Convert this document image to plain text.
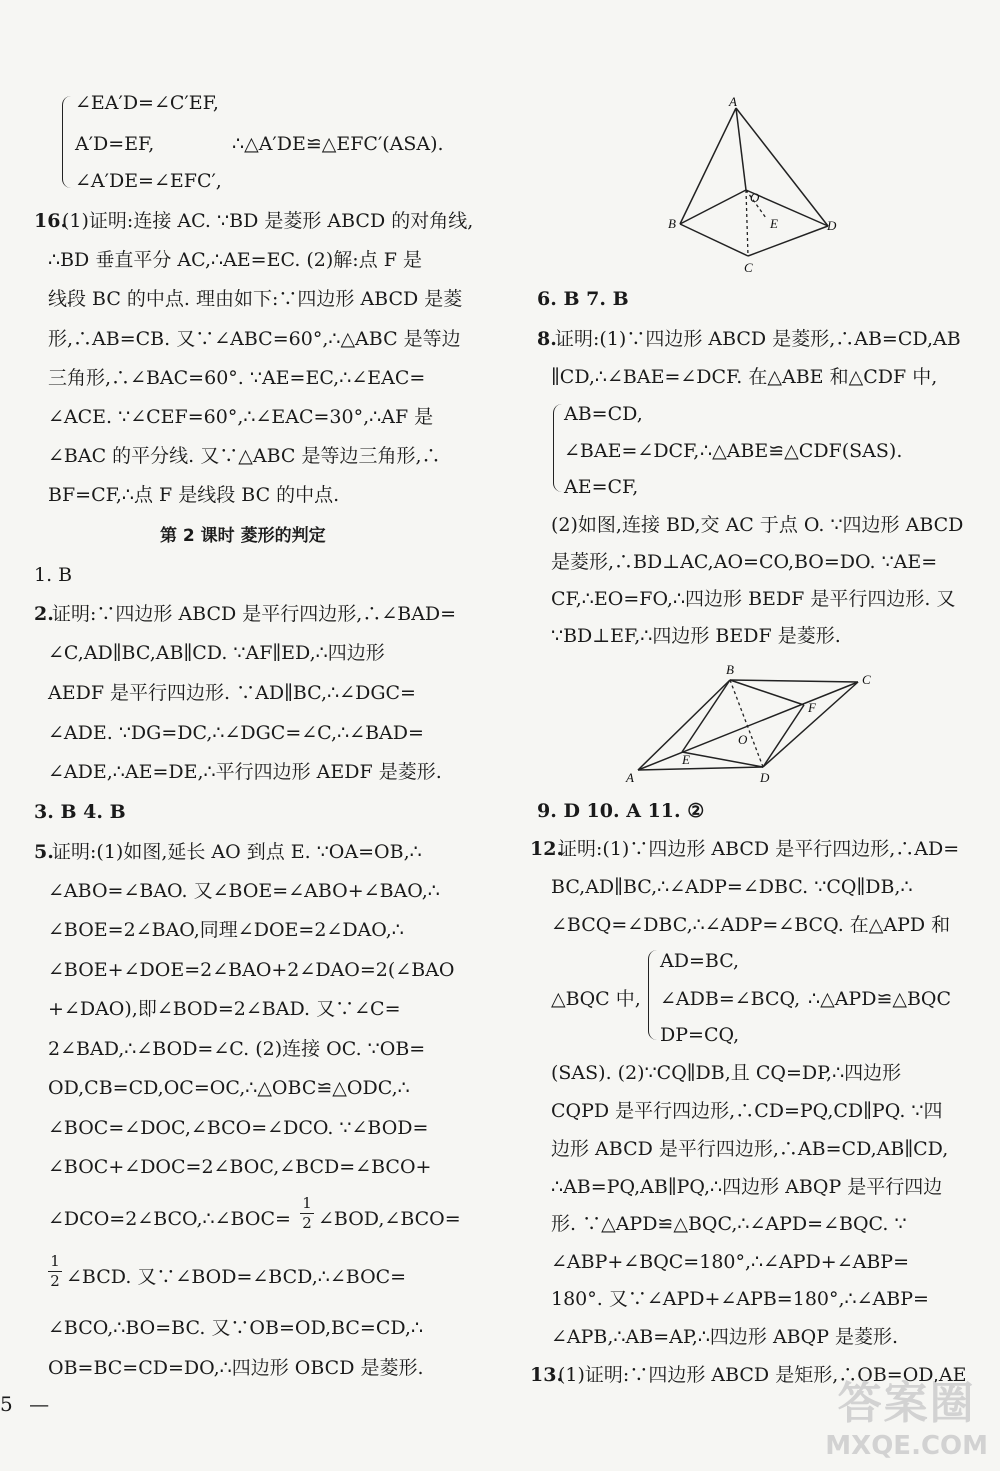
∠EA′D=∠C′EF,
A′D=EF,	∴△A′DE≌△EFC′(ASA).
∠A′DE=∠EFC′,
16.
(1)证明:连接 AC. ∵BD 是菱形 ABCD 的对角线,
∴BD 垂直平分 AC,∴AE=EC. (2)解:点 F 是
线段 BC 的中点. 理由如下:∵四边形 ABCD 是菱
形,∴AB=CB. 又∵∠ABC=60°,∴△ABC 是等边
三角形,∴∠BAC=60°. ∵AE=EC,∴∠EAC=
∠ACE. ∵∠CEF=60°,∴∠EAC=30°,∴AF 是
∠BAC 的平分线. 又∵△ABC 是等边三角形,∴
BF=CF,∴点 F 是线段 BC 的中点.
第 2 课时 菱形的判定
1. B
2.
证明:∵四边形 ABCD 是平行四边形,∴∠BAD=
∠C,AD∥BC,AB∥CD. ∵AF∥ED,∴四边形
AEDF 是平行四边形. ∵AD∥BC,∴∠DGC=
∠ADE. ∵DG=DC,∴∠DGC=∠C,∴∠BAD=
∠ADE,∴AE=DE,∴平行四边形 AEDF 是菱形.
3. B 4. B
5.
证明:(1)如图,延长 AO 到点 E. ∵OA=OB,∴
∠ABO=∠BAO. 又∠BOE=∠ABO+∠BAO,∴
∠BOE=2∠BAO,同理∠DOE=2∠DAO,∴
∠BOE+∠DOE=2∠BAO+2∠DAO=2(∠BAO
+∠DAO),即∠BOD=2∠BAD. 又∵∠C=
2∠BAD,∴∠BOD=∠C. (2)连接 OC. ∵OB=
OD,CB=CD,OC=OC,∴△OBC≌△ODC,∴
∠BOC=∠DOC,∠BCO=∠DCO. ∵∠BOD=
∠BOC+∠DOC=2∠BOC,∠BCD=∠BCO+
∠DCO=2∠BCO,∴∠BOC=
1
2 ∠BOD,∠BCO=
1
2 ∠BCD. 又∵∠BOD=∠BCD,∴∠BOC=
∠BCO,∴BO=BC. 又∵OB=OD,BC=CD,∴
OB=BC=CD=DO,∴四边形 OBCD 是菱形.
5 —
A
B
O
E	D
C
6. B 7. B
8.
证明:(1)∵四边形 ABCD 是菱形,∴AB=CD,AB
∥CD,∴∠BAE=∠DCF. 在△ABE 和△CDF 中,
AB=CD,
∠BAE=∠DCF, ∴△ABE≌△CDF(SAS).
AE=CF,
(2)如图,连接 BD,交 AC 于点 O. ∵四边形 ABCD
是菱形,∴BD⊥AC,AO=CO,BO=DO. ∵AE=
CF,∴EO=FO,∴四边形 BEDF 是平行四边形. 又
∵BD⊥EF,∴四边形 BEDF 是菱形.
B
C
F
O
E
A	D
9. D 10. A 11. ②
12.
证明:(1)∵四边形 ABCD 是平行四边形,∴AD=
BC,AD∥BC,∴∠ADP=∠DBC. ∵CQ∥DB,∴
∠BCQ=∠DBC,∴∠ADP=∠BCQ. 在△APD 和
△BQC 中,
AD=BC,
∠ADB=∠BCQ, ∴△APD≌△BQC
DP=CQ,
(SAS). (2)∵CQ∥DB,且 CQ=DP,∴四边形
CQPD 是平行四边形,∴CD=PQ,CD∥PQ. ∵四
边形 ABCD 是平行四边形,∴AB=CD,AB∥CD,
∴AB=PQ,AB∥PQ,∴四边形 ABQP 是平行四边
形. ∵△APD≌△BQC,∴∠APD=∠BQC. ∵
∠ABP+∠BQC=180°,∴∠APD+∠ABP=
180°. 又∵∠APD+∠APB=180°,∴∠ABP=
∠APB,∴AB=AP,∴四边形 ABQP 是菱形.
13.
(1)证明:∵四边形 ABCD 是矩形,∴OB=OD,AE
答案圈
MXQE.COM
